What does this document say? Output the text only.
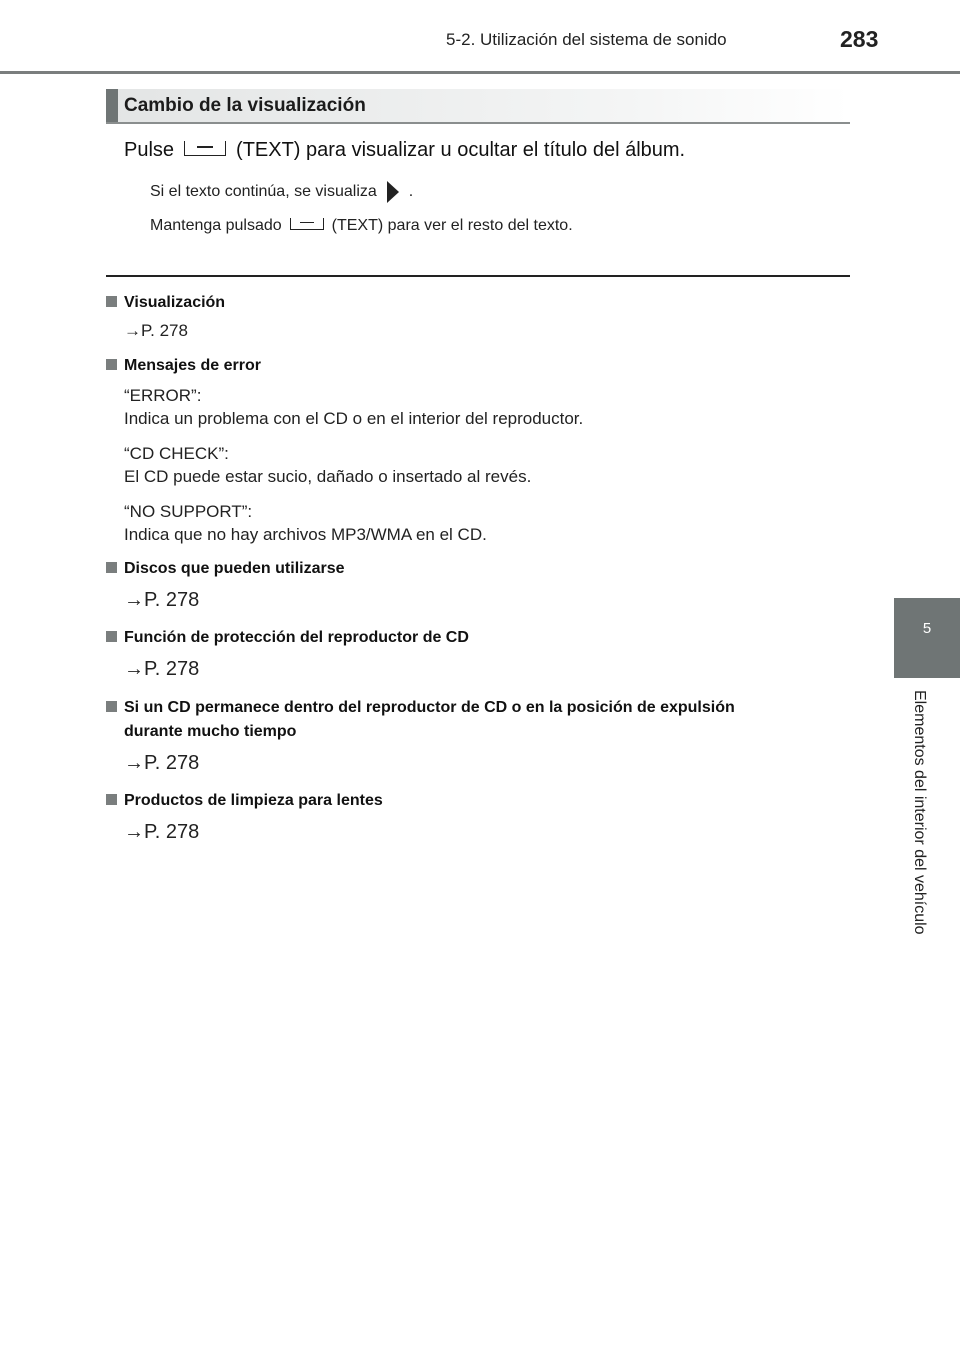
5-2. Utilización del sistema de sonido	283
5
Elementos del interior del vehículo
Cambio de la visualización
Pulse	(TEXT) para visualizar u ocultar el título del álbum.
Si el texto continúa, se visualiza .
Mantenga pulsado	(TEXT) para ver el resto del texto.
Visualización
→P. 278
Mensajes de error
“ERROR”:
Indica un problema con el CD o en el interior del reproductor.
“CD CHECK”:
El CD puede estar sucio, dañado o insertado al revés.
“NO SUPPORT”:
Indica que no hay archivos MP3/WMA en el CD.
Discos que pueden utilizarse
→P. 278
Función de protección del reproductor de CD
→P. 278
Si un CD permanece dentro del reproductor de CD o en la posición de expulsión
durante mucho tiempo
→P. 278
Productos de limpieza para lentes
→P. 278
